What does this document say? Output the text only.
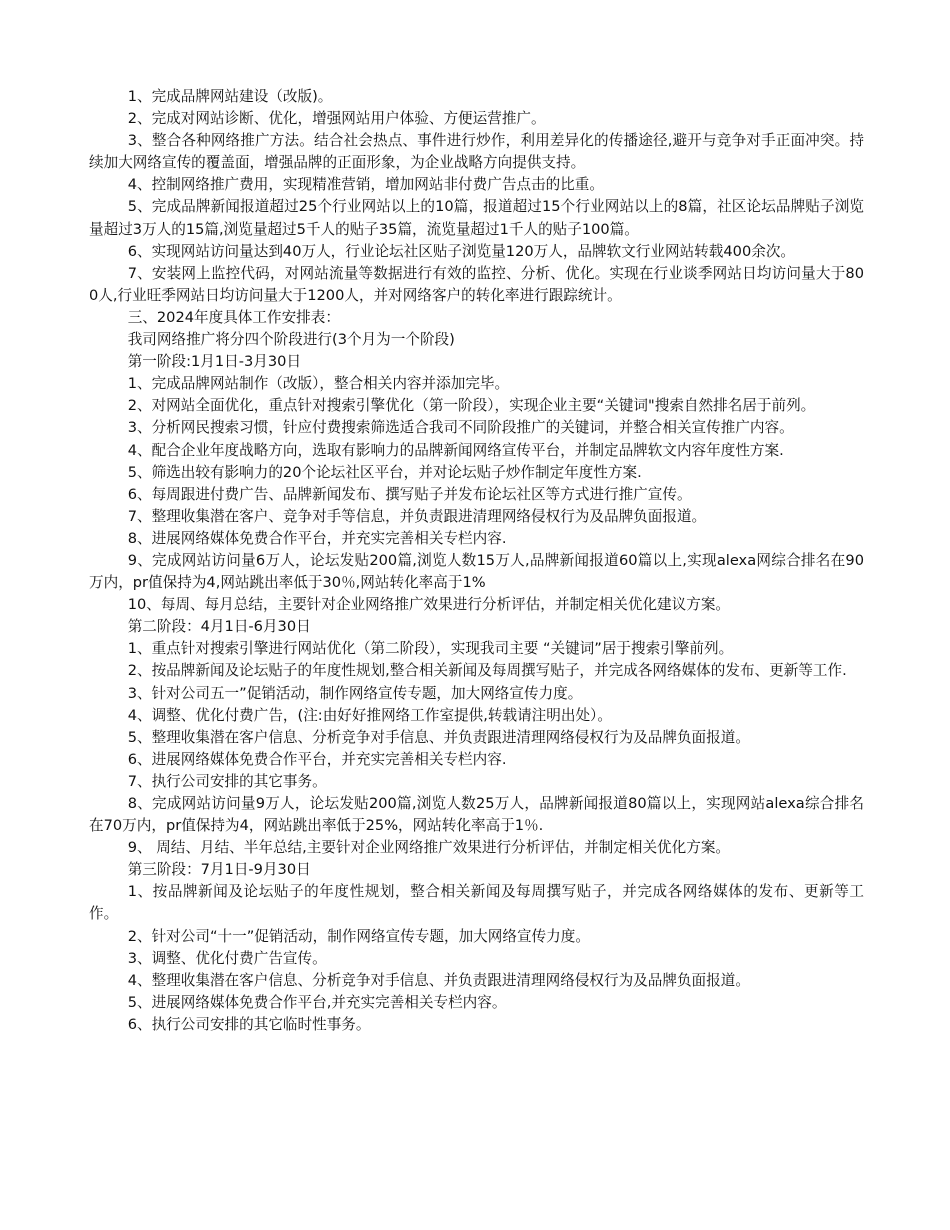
1、完成品牌网站建设（改版)。

2、完成对网站诊断、优化，增强网站用户体验、方便运营推广。

3、整合各种网络推广方法。结合社会热点、事件进行炒作，利用差异化的传播途径,避开与竞争对手正面冲突。持续加大网络宣传的覆盖面，增强品牌的正面形象，为企业战略方向提供支持。

4、控制网络推广费用，实现精准营销，增加网站非付费广告点击的比重。

5、完成品牌新闻报道超过25个行业网站以上的10篇，报道超过15个行业网站以上的8篇，社区论坛品牌贴子浏览量超过3万人的15篇,浏览量超过5千人的贴子35篇，流览量超过1千人的贴子100篇。

6、实现网站访问量达到40万人，行业论坛社区贴子浏览量120万人，品牌软文行业网站转载400余次。

7、安装网上监控代码，对网站流量等数据进行有效的监控、分析、优化。实现在行业谈季网站日均访问量大于800人,行业旺季网站日均访问量大于1200人，并对网络客户的转化率进行跟踪统计。

三、2024年度具体工作安排表：

我司网络推广将分四个阶段进行(3个月为一个阶段)

第一阶段:1月1日-3月30日

1、完成品牌网站制作（改版），整合相关内容并添加完毕。

2、对网站全面优化，重点针对搜索引擎优化（第一阶段），实现企业主要“关键词"搜索自然排名居于前列。

3、分析网民搜索习惯，针应付费搜索筛选适合我司不同阶段推广的关键词，并整合相关宣传推广内容。

4、配合企业年度战略方向，选取有影响力的品牌新闻网络宣传平台，并制定品牌软文内容年度性方案.

5、筛选出较有影响力的20个论坛社区平台，并对论坛贴子炒作制定年度性方案.

6、每周跟进付费广告、品牌新闻发布、撰写贴子并发布论坛社区等方式进行推广宣传。

7、整理收集潜在客户、竞争对手等信息，并负责跟进清理网络侵权行为及品牌负面报道。

8、进展网络媒体免费合作平台，并充实完善相关专栏内容.

9、完成网站访问量6万人，论坛发贴200篇,浏览人数15万人,品牌新闻报道60篇以上,实现alexa网综合排名在90万内，pr值保持为4,网站跳出率低于30％,网站转化率高于1%

10、每周、每月总结，主要针对企业网络推广效果进行分析评估，并制定相关优化建议方案。

第二阶段：4月1日-6月30日

1、重点针对搜索引擎进行网站优化（第二阶段），实现我司主要 “关键词”居于搜索引擎前列。

2、按品牌新闻及论坛贴子的年度性规划,整合相关新闻及每周撰写贴子，并完成各网络媒体的发布、更新等工作.

3、针对公司五一”促销活动，制作网络宣传专题，加大网络宣传力度。

4、调整、优化付费广告，(注:由好好推网络工作室提供,转载请注明出处）。

5、整理收集潜在客户信息、分析竞争对手信息、并负责跟进清理网络侵权行为及品牌负面报道。

6、进展网络媒体免费合作平台，并充实完善相关专栏内容.

7、执行公司安排的其它事务。

8、完成网站访问量9万人，论坛发贴200篇,浏览人数25万人，品牌新闻报道80篇以上，实现网站alexa综合排名在70万内，pr值保持为4，网站跳出率低于25%，网站转化率高于1％.

9、 周结、月结、半年总结,主要针对企业网络推广效果进行分析评估，并制定相关优化方案。

第三阶段：7月1日-9月30日

1、按品牌新闻及论坛贴子的年度性规划，整合相关新闻及每周撰写贴子，并完成各网络媒体的发布、更新等工作。

2、针对公司“十一”促销活动，制作网络宣传专题，加大网络宣传力度。

3、调整、优化付费广告宣传。

4、整理收集潜在客户信息、分析竞争对手信息、并负责跟进清理网络侵权行为及品牌负面报道。

5、进展网络媒体免费合作平台,并充实完善相关专栏内容。

6、执行公司安排的其它临时性事务。
